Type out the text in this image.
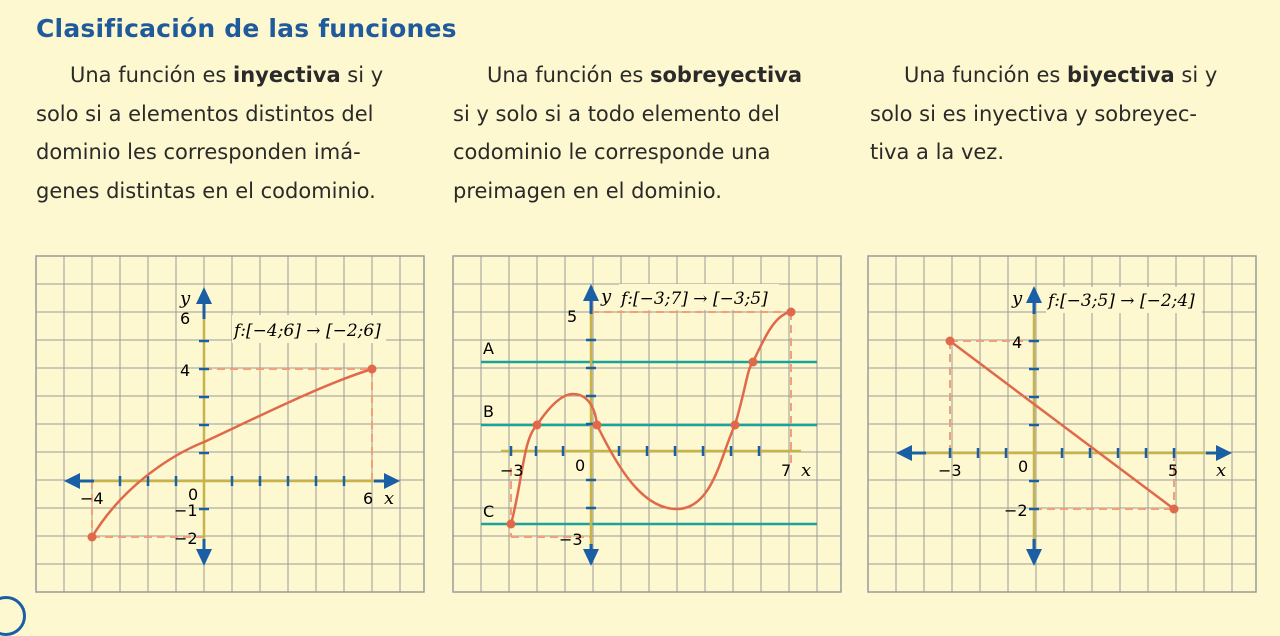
Clasificación de las funciones
Una función es inyectiva si y
solo si a elementos distintos del
dominio les corresponden imá-
genes distintas en el codominio.
Una función es sobreyectiva
si y solo si a todo elemento del
codominio le corresponde una
preimagen en el dominio.
Una función es biyectiva si y
solo si es inyectiva y sobreyec-
tiva a la vez.
f:[−4;6] → [−2;6]
y
x
0
−4	6
6
4
−1
−2
f:[−3;7] → [−3;5]
y
x
0
−3	7
5
−3
A
B
C
f:[−3;5] → [−2;4]
y
x
0
−3	5
4
−2
